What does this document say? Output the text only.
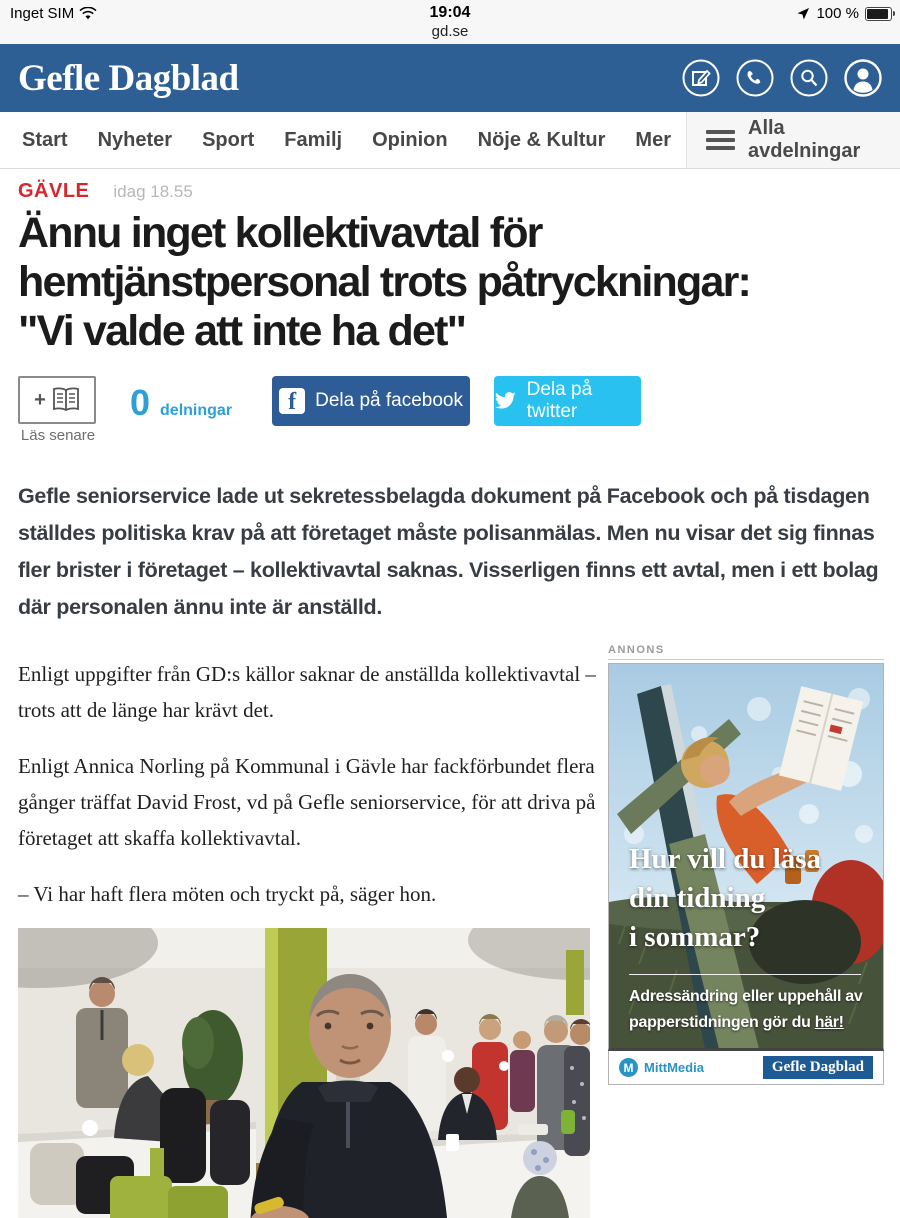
Inget SIM	19:04
gd.se
100 %
Gefle Dagblad
Start Nyheter Sport Familj Opinion Nöje & Kultur Mer
Alla avdelningar
GÄVLE idag 18.55
Ännu inget kollektivavtal för
hemtjänstpersonal trots påtryckningar:
"Vi valde att inte ha det"
+
Läs senare
0 delningar f Dela på facebook
Dela på twitter
Gefle seniorservice lade ut sekretessbelagda dokument på Facebook och på tisdagen ställdes politiska krav på att företaget måste polisanmälas. Men nu visar det sig finnas fler brister i företaget – kollektivavtal saknas. Visserligen finns ett avtal, men i ett bolag där personalen ännu inte är anställd.

Enligt uppgifter från GD:s källor saknar de anställda kollektivavtal – trots att de länge har krävt det.

Enligt Annica Norling på Kommunal i Gävle har fackförbundet flera gånger träffat David Frost, vd på Gefle seniorservice, för att driva på företaget att skaffa kollektivavtal.

– Vi har haft flera möten och tryckt på, säger hon.

ANNONS
Hur vill du läsa
din tidning
i sommar?
Adressändring eller uppehåll av
papperstidningen gör du här!
M MittMedia	Gefle Dagblad
